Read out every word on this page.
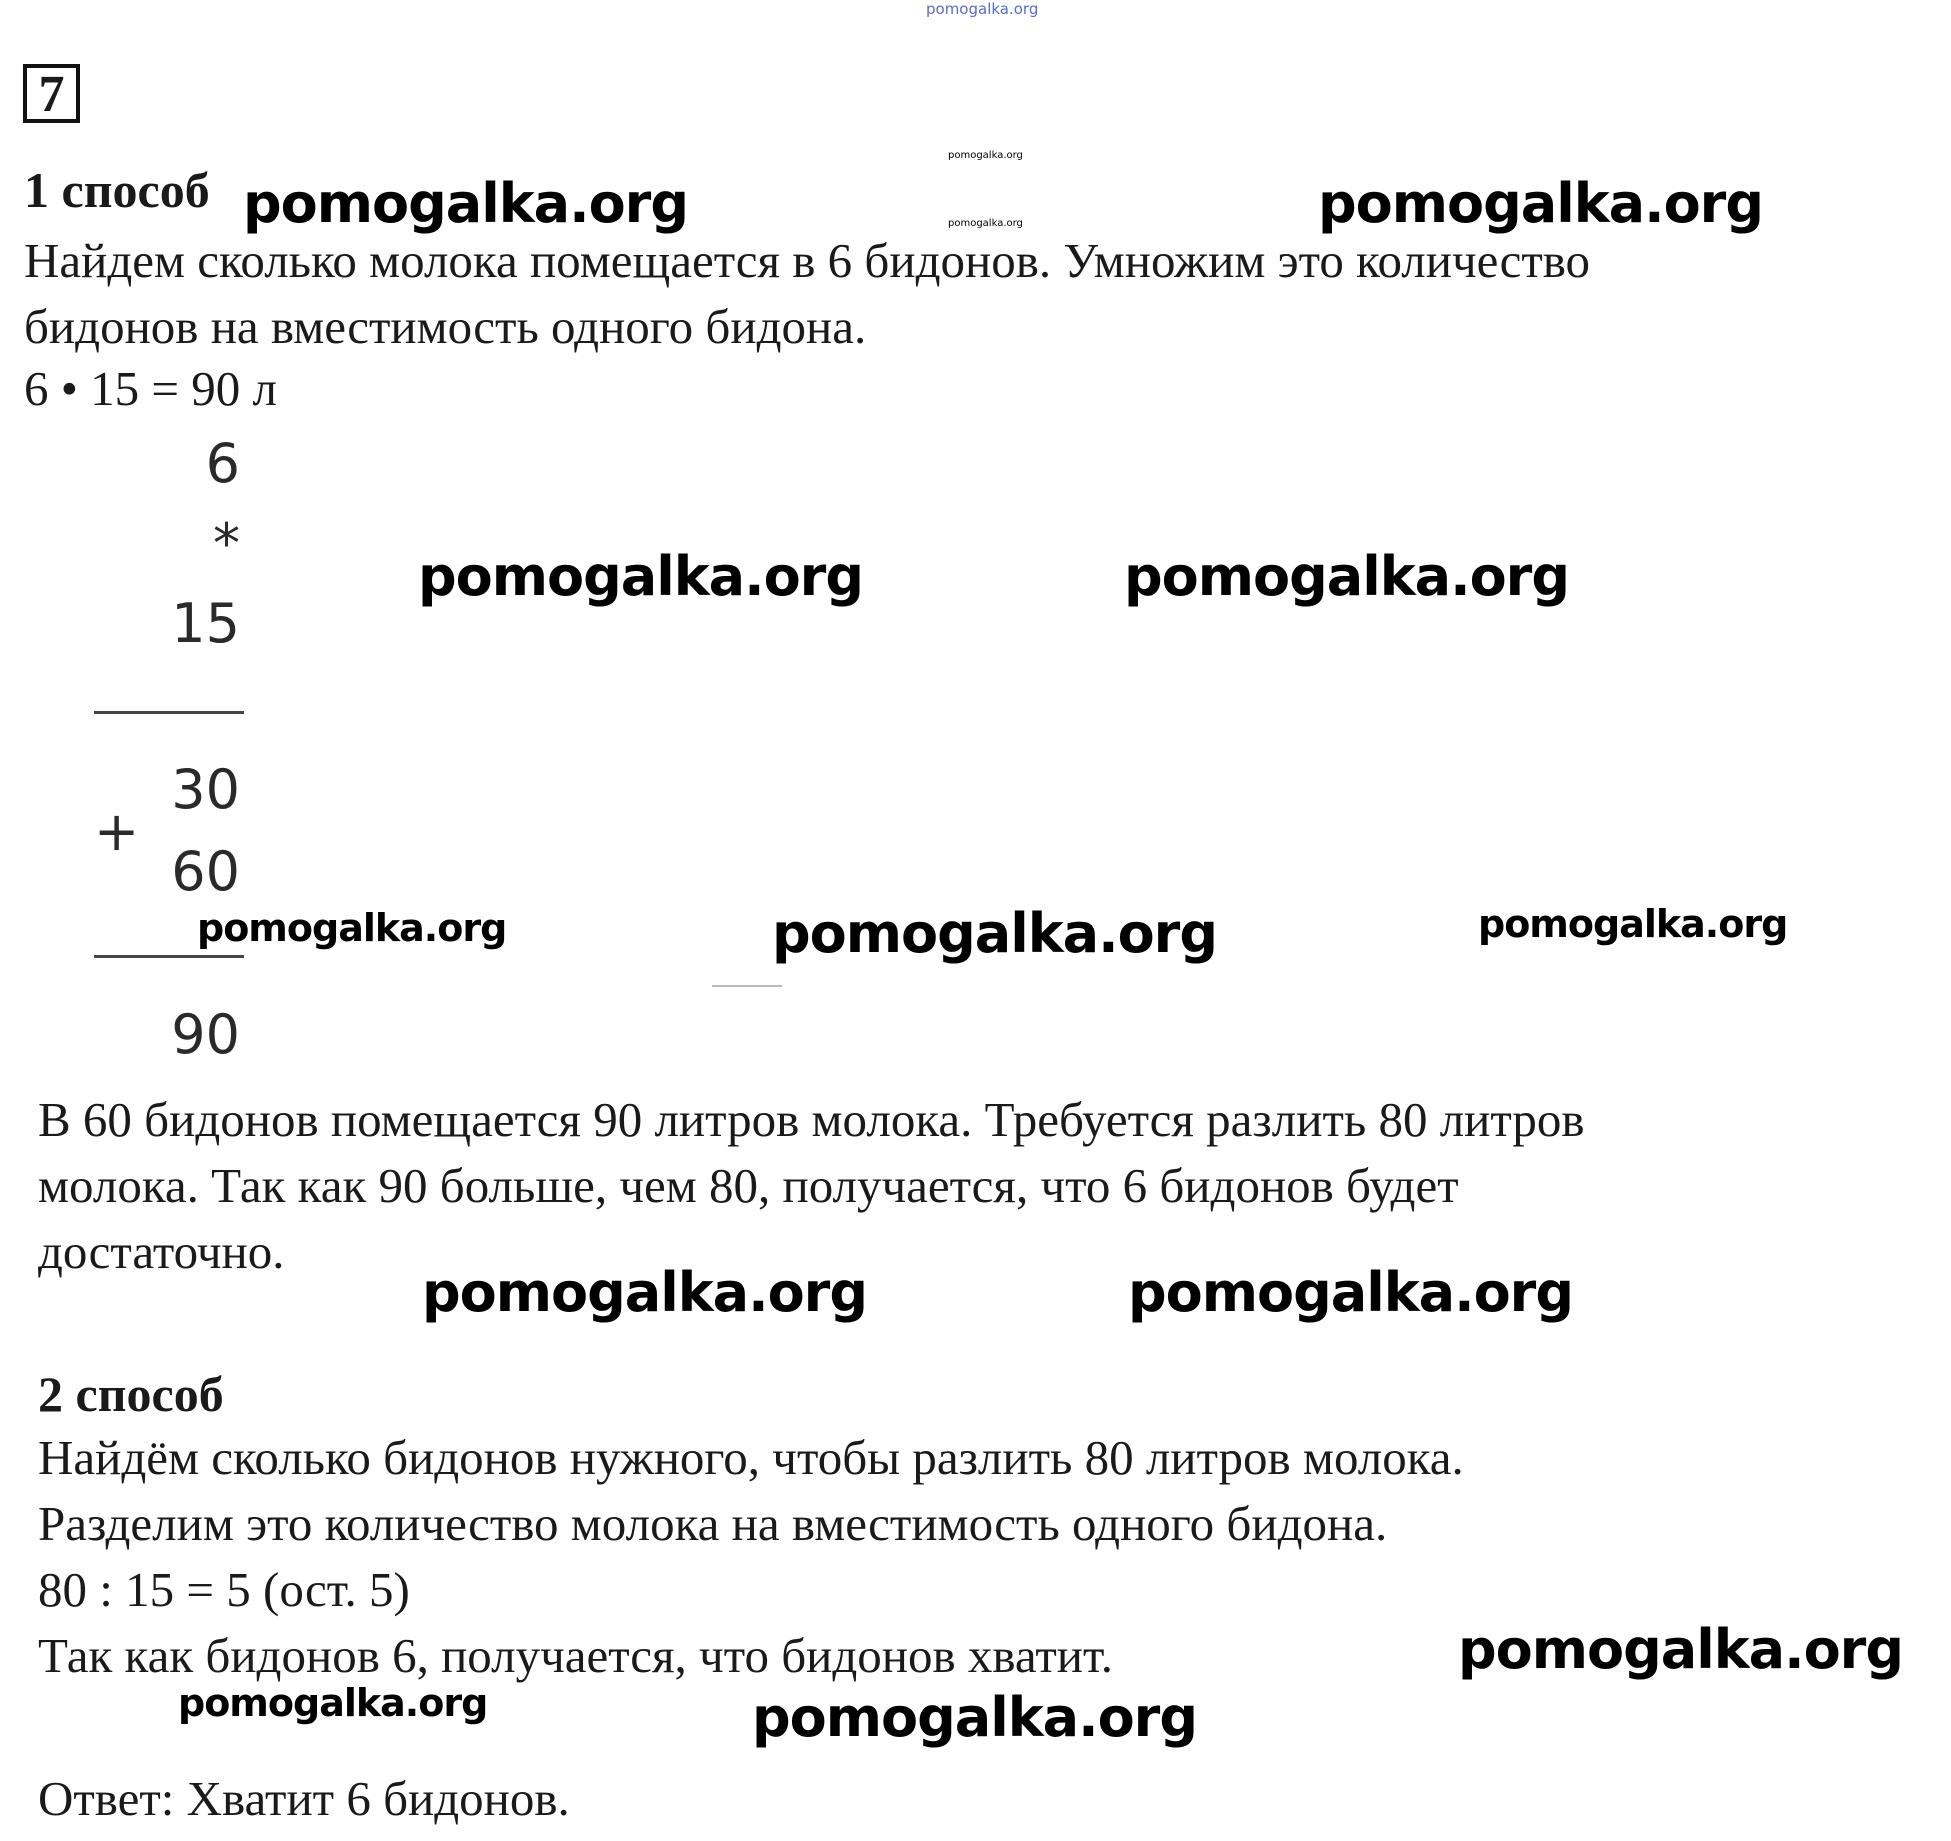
pomogalka.org
7
1 способ
Найдем сколько молока помещается в 6 бидонов. Умножим это количество
бидонов на вместимость одного бидона.
6 • 15 = 90 л
6
*
15
30
+
60
90
В 60 бидонов помещается 90 литров молока. Требуется разлить 80 литров
молока. Так как 90 больше, чем 80, получается, что 6 бидонов будет
достаточно.
2 способ
Найдём сколько бидонов нужного, чтобы разлить 80 литров молока.
Разделим это количество молока на вместимость одного бидона.
80 : 15 = 5 (ост. 5)
Так как бидонов 6, получается, что бидонов хватит.
Ответ: Хватит 6 бидонов.
pomogalka.org
pomogalka.org
pomogalka.org	pomogalka.org
pomogalka.org	pomogalka.org
pomogalka.org	pomogalka.org	pomogalka.org
pomogalka.org	pomogalka.org
pomogalka.org
pomogalka.org	pomogalka.org
